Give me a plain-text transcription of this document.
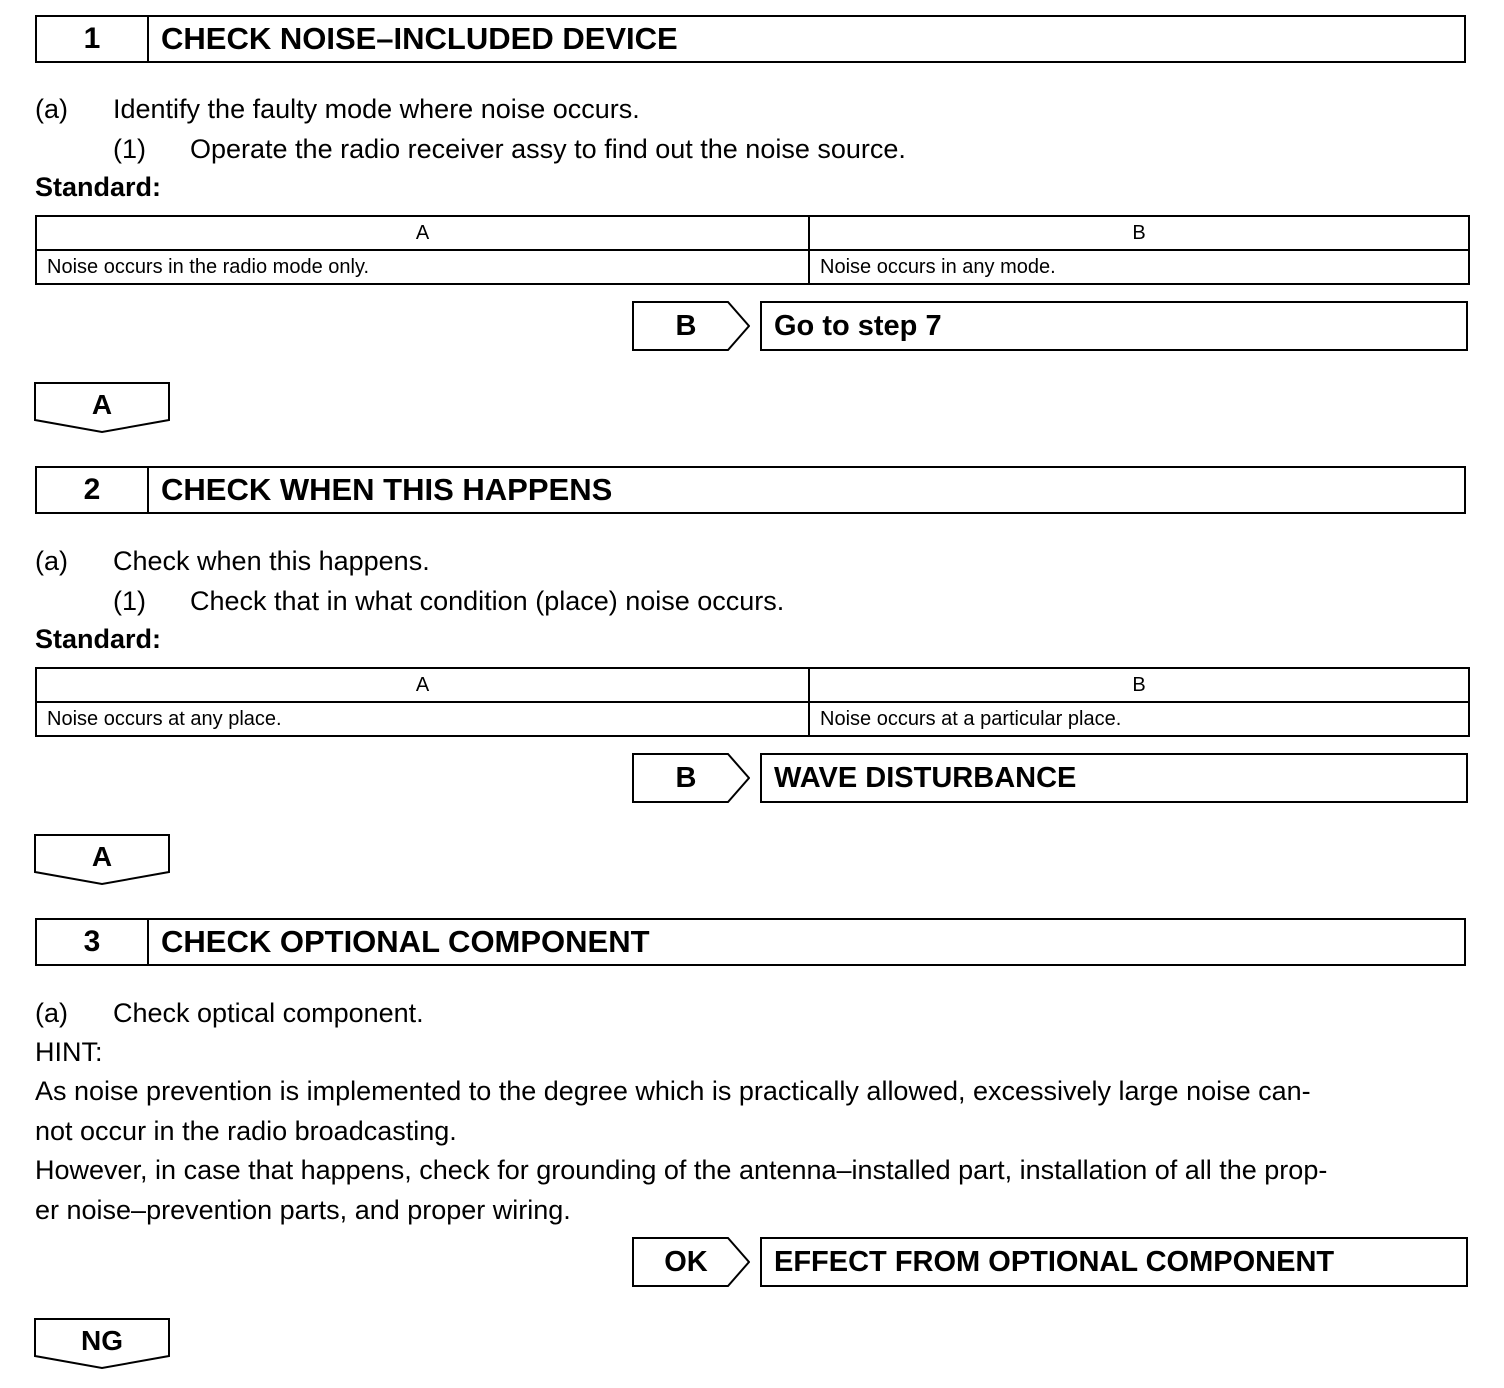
1	CHECK NOISE–INCLUDED DEVICE
(a) Identify the faulty mode where noise occurs.
(1) Operate the radio receiver assy to find out the noise source.
Standard:
A	B
Noise occurs in the radio mode only.	Noise occurs in any mode.
B	Go to step 7
A
2	CHECK WHEN THIS HAPPENS
(a) Check when this happens.
(1) Check that in what condition (place) noise occurs.
Standard:
A	B
Noise occurs at any place.	Noise occurs at a particular place.
B	WAVE DISTURBANCE
A
3	CHECK OPTIONAL COMPONENT
(a) Check optical component.
HINT:
As noise prevention is implemented to the degree which is practically allowed, excessively large noise can-
not occur in the radio broadcasting.
However, in case that happens, check for grounding of the antenna–installed part, installation of all the prop-
er noise–prevention parts, and proper wiring.
OK	EFFECT FROM OPTIONAL COMPONENT
NG
